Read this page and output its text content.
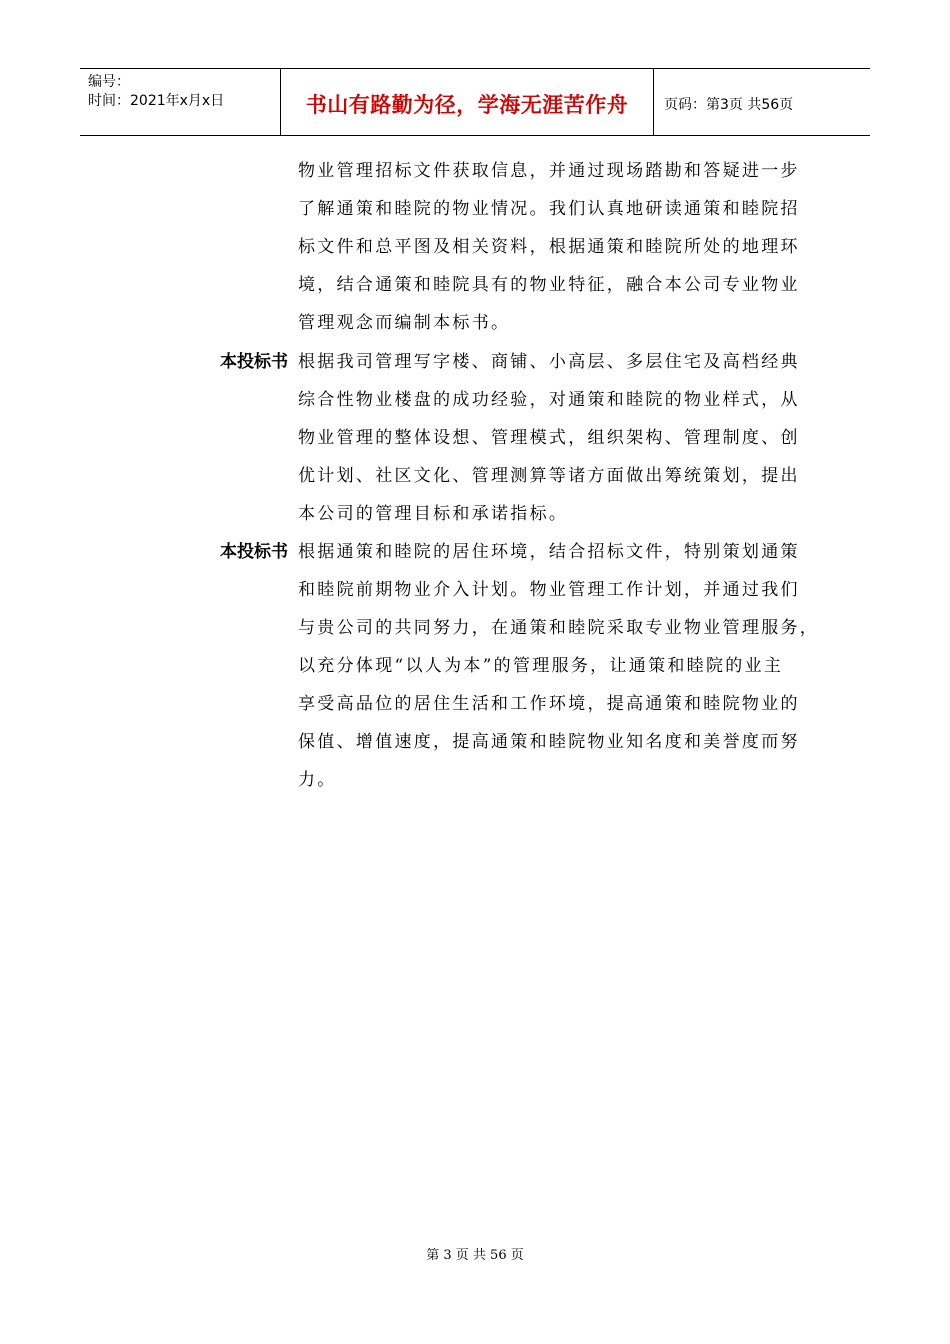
编号：
时间：2021年x月x日	书山有路勤为径，学海无涯苦作舟	页码：第3页 共56页
物业管理招标文件获取信息，并通过现场踏勘和答疑进一步
了解通策和睦院的物业情况。我们认真地研读通策和睦院招
标文件和总平图及相关资料，根据通策和睦院所处的地理环
境，结合通策和睦院具有的物业特征，融合本公司专业物业
管理观念而编制本标书。
本投标书 根据我司管理写字楼、商铺、小高层、多层住宅及高档经典
综合性物业楼盘的成功经验，对通策和睦院的物业样式，从
物业管理的整体设想、管理模式，组织架构、管理制度、创
优计划、社区文化、管理测算等诸方面做出筹统策划，提出
本公司的管理目标和承诺指标。
本投标书 根据通策和睦院的居住环境，结合招标文件，特别策划通策
和睦院前期物业介入计划。物业管理工作计划，并通过我们
与贵公司的共同努力，在通策和睦院采取专业物业管理服务，
以充分体现“以人为本”的管理服务，让通策和睦院的业主
享受高品位的居住生活和工作环境，提高通策和睦院物业的
保值、增值速度，提高通策和睦院物业知名度和美誉度而努
力。
第 3 页 共 56 页
